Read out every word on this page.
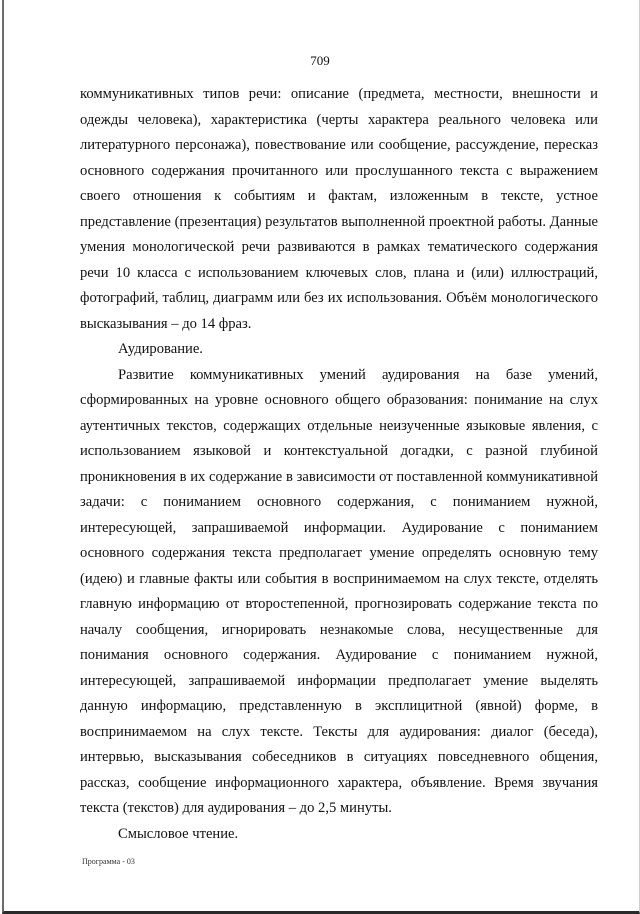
709

коммуникативных типов речи: описание (предмета, местности, внешности и одежды человека), характеристика (черты характера реального человека или литературного персонажа), повествование или сообщение, рассуждение, пересказ основного содержания прочитанного или прослушанного текста с выражением своего отношения к событиям и фактам, изложенным в тексте, устное представление (презентация) результатов выполненной проектной работы. Данные умения монологической речи развиваются в рамках тематического содержания речи 10 класса с использованием ключевых слов, плана и (или) иллюстраций, фотографий, таблиц, диаграмм или без их использования. Объём монологического высказывания – до 14 фраз.

Аудирование.

Развитие коммуникативных умений аудирования на базе умений, сформированных на уровне основного общего образования: понимание на слух аутентичных текстов, содержащих отдельные неизученные языковые явления, с использованием языковой и контекстуальной догадки, с разной глубиной проникновения в их содержание в зависимости от поставленной коммуникативной задачи: с пониманием основного содержания, с пониманием нужной, интересующей, запрашиваемой информации. Аудирование с пониманием основного содержания текста предполагает умение определять основную тему (идею) и главные факты или события в воспринимаемом на слух тексте, отделять главную информацию от второстепенной, прогнозировать содержание текста по началу сообщения, игнорировать незнакомые слова, несущественные для понимания основного содержания. Аудирование с пониманием нужной, интересующей, запрашиваемой информации предполагает умение выделять данную информацию, представленную в эксплицитной (явной) форме, в воспринимаемом на слух тексте. Тексты для аудирования: диалог (беседа), интервью, высказывания собеседников в ситуациях повседневного общения, рассказ, сообщение информационного характера, объявление. Время звучания текста (текстов) для аудирования – до 2,5 минуты.

Смысловое чтение.

Программа - 03
